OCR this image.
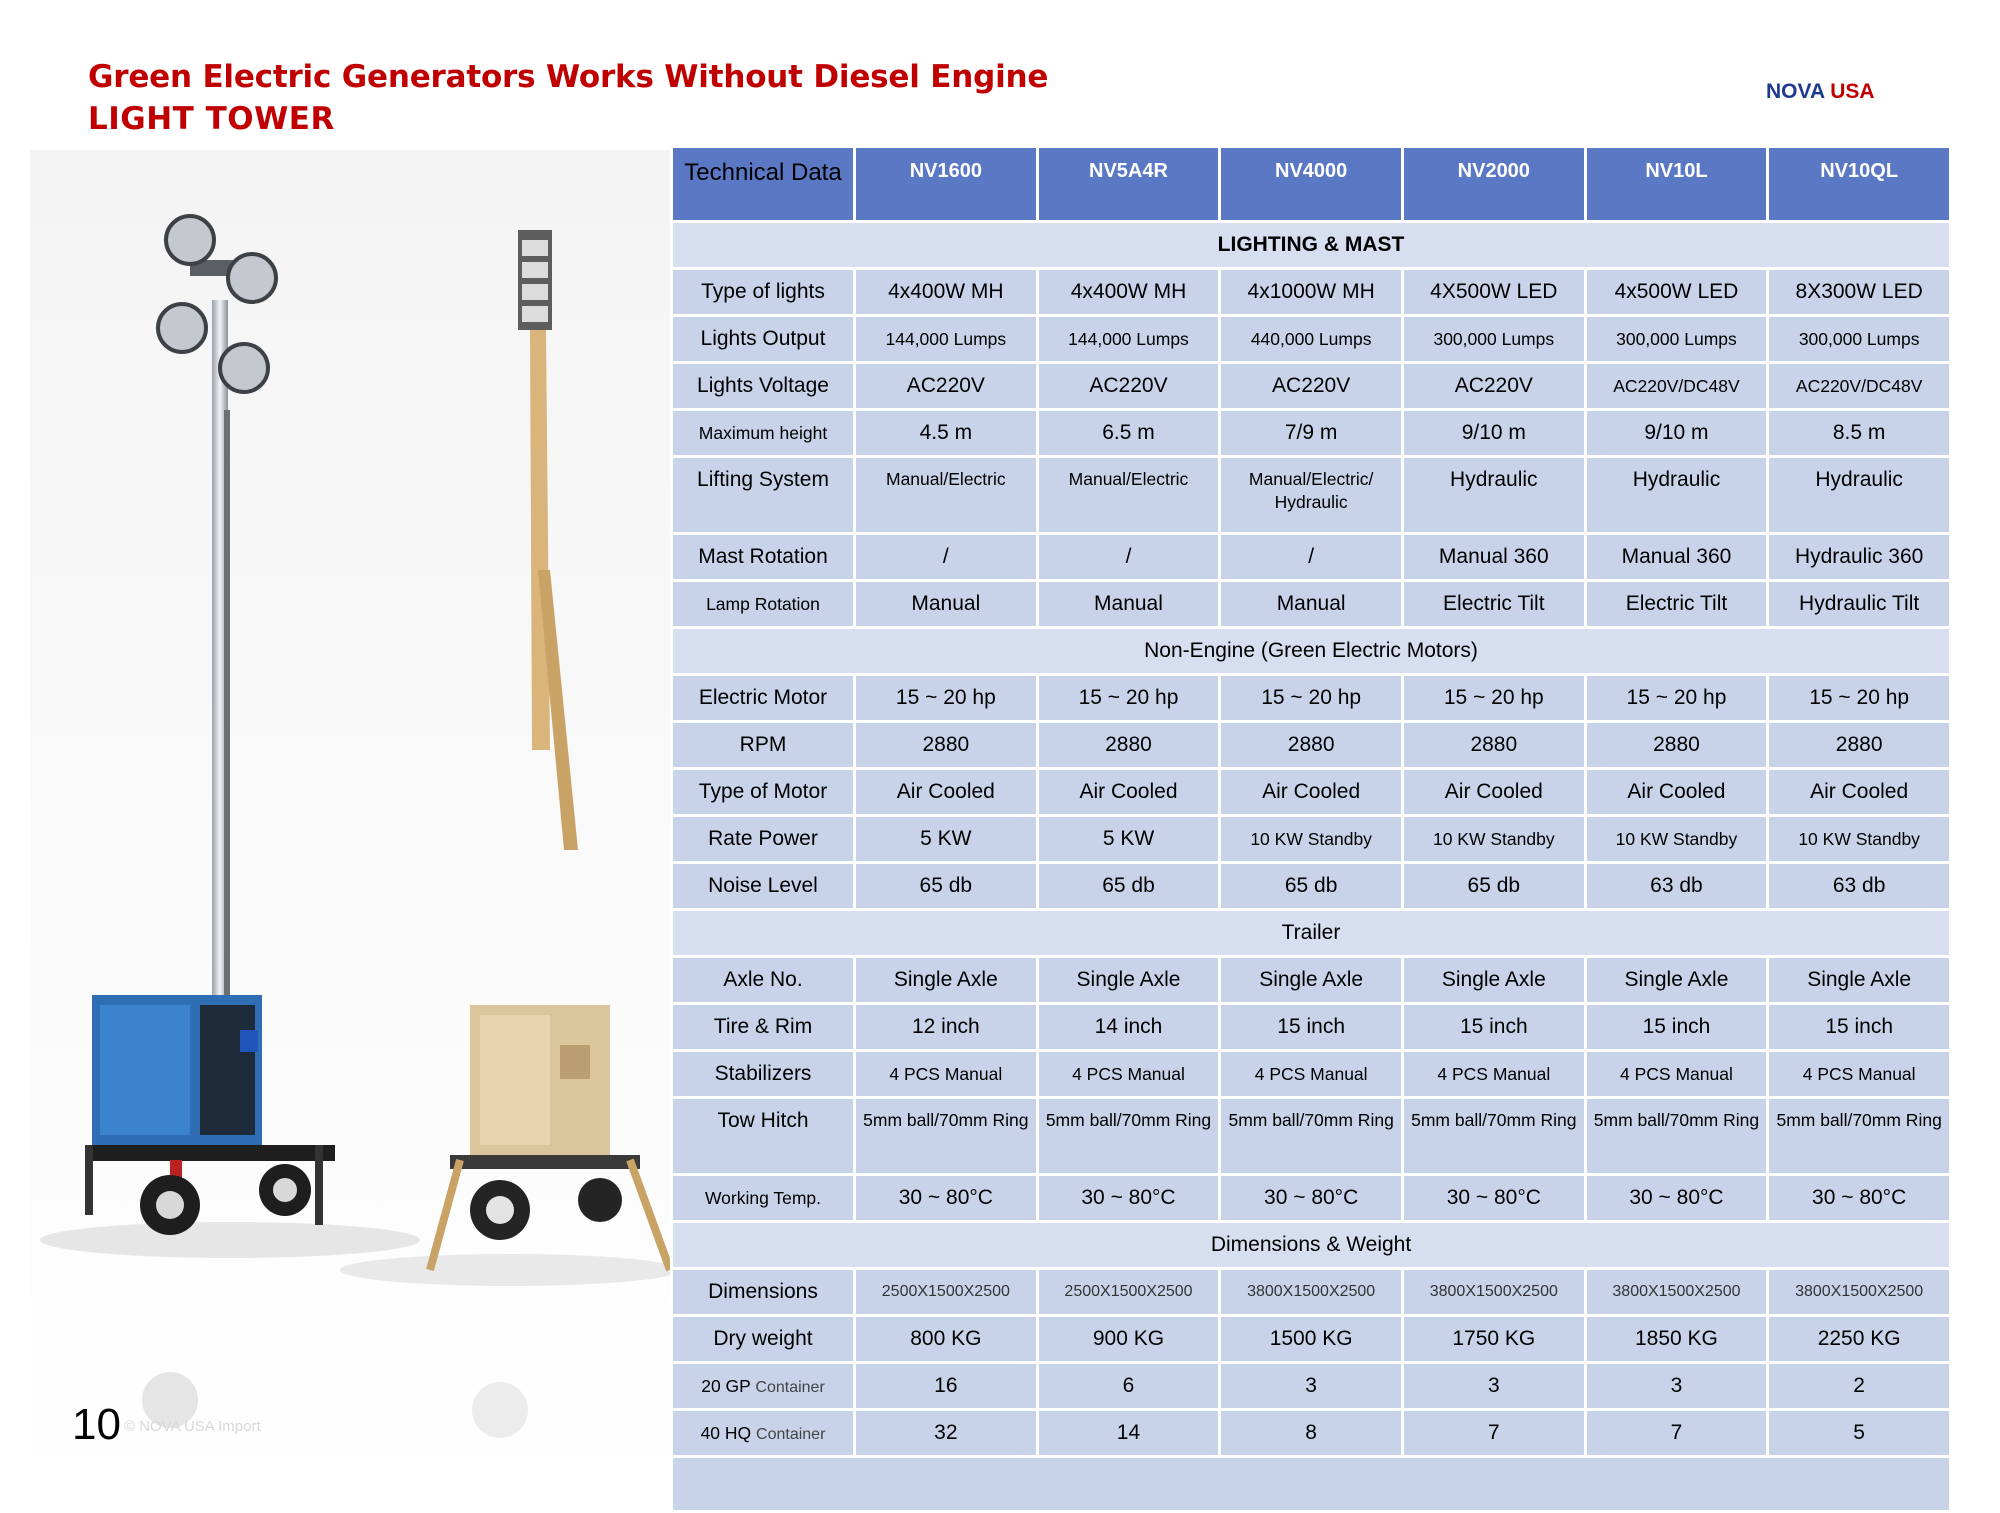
Green Electric Generators Works Without Diesel Engine
LIGHT TOWER
NOVA USA
10 © NOVA USA Import
Technical Data	NV1600	NV5A4R	NV4000	NV2000	NV10L	NV10QL
LIGHTING & MAST						
Type of lights	4x400W MH	4x400W MH	4x1000W MH	4X500W LED	4x500W LED	8X300W LED
Lights Output	144,000 Lumps	144,000 Lumps	440,000 Lumps	300,000 Lumps	300,000 Lumps	300,000 Lumps
Lights Voltage	AC220V	AC220V	AC220V	AC220V	AC220V/DC48V	AC220V/DC48V
Maximum height	4.5 m	6.5 m	7/9 m	9/10 m	9/10 m	8.5 m
Lifting System	Manual/Electric	Manual/Electric	Manual/Electric/ Hydraulic	Hydraulic	Hydraulic	Hydraulic
Mast Rotation	/	/	/	Manual 360	Manual 360	Hydraulic 360
Lamp Rotation	Manual	Manual	Manual	Electric Tilt	Electric Tilt	Hydraulic Tilt
Non-Engine (Green Electric Motors)						
Electric Motor	15 ~ 20 hp	15 ~ 20 hp	15 ~ 20 hp	15 ~ 20 hp	15 ~ 20 hp	15 ~ 20 hp
RPM	2880	2880	2880	2880	2880	2880
Type of Motor	Air Cooled	Air Cooled	Air Cooled	Air Cooled	Air Cooled	Air Cooled
Rate Power	5 KW	5 KW	10 KW Standby	10 KW Standby	10 KW Standby	10 KW Standby
Noise Level	65 db	65 db	65 db	65 db	63 db	63 db
Trailer						
Axle No.	Single Axle	Single Axle	Single Axle	Single Axle	Single Axle	Single Axle
Tire & Rim	12 inch	14 inch	15 inch	15 inch	15 inch	15 inch
Stabilizers	4 PCS Manual	4 PCS Manual	4 PCS Manual	4 PCS Manual	4 PCS Manual	4 PCS Manual
Tow Hitch	5mm ball/70mm Ring	5mm ball/70mm Ring	5mm ball/70mm Ring	5mm ball/70mm Ring	5mm ball/70mm Ring	5mm ball/70mm Ring
Working Temp.	30 ~ 80°C	30 ~ 80°C	30 ~ 80°C	30 ~ 80°C	30 ~ 80°C	30 ~ 80°C
Dimensions & Weight						
Dimensions	2500X1500X2500	2500X1500X2500	3800X1500X2500	3800X1500X2500	3800X1500X2500	3800X1500X2500
Dry weight	800 KG	900 KG	1500 KG	1750 KG	1850 KG	2250 KG
20 GP Container	16	6	3	3	3	2
40 HQ Container	32	14	8	7	7	5
